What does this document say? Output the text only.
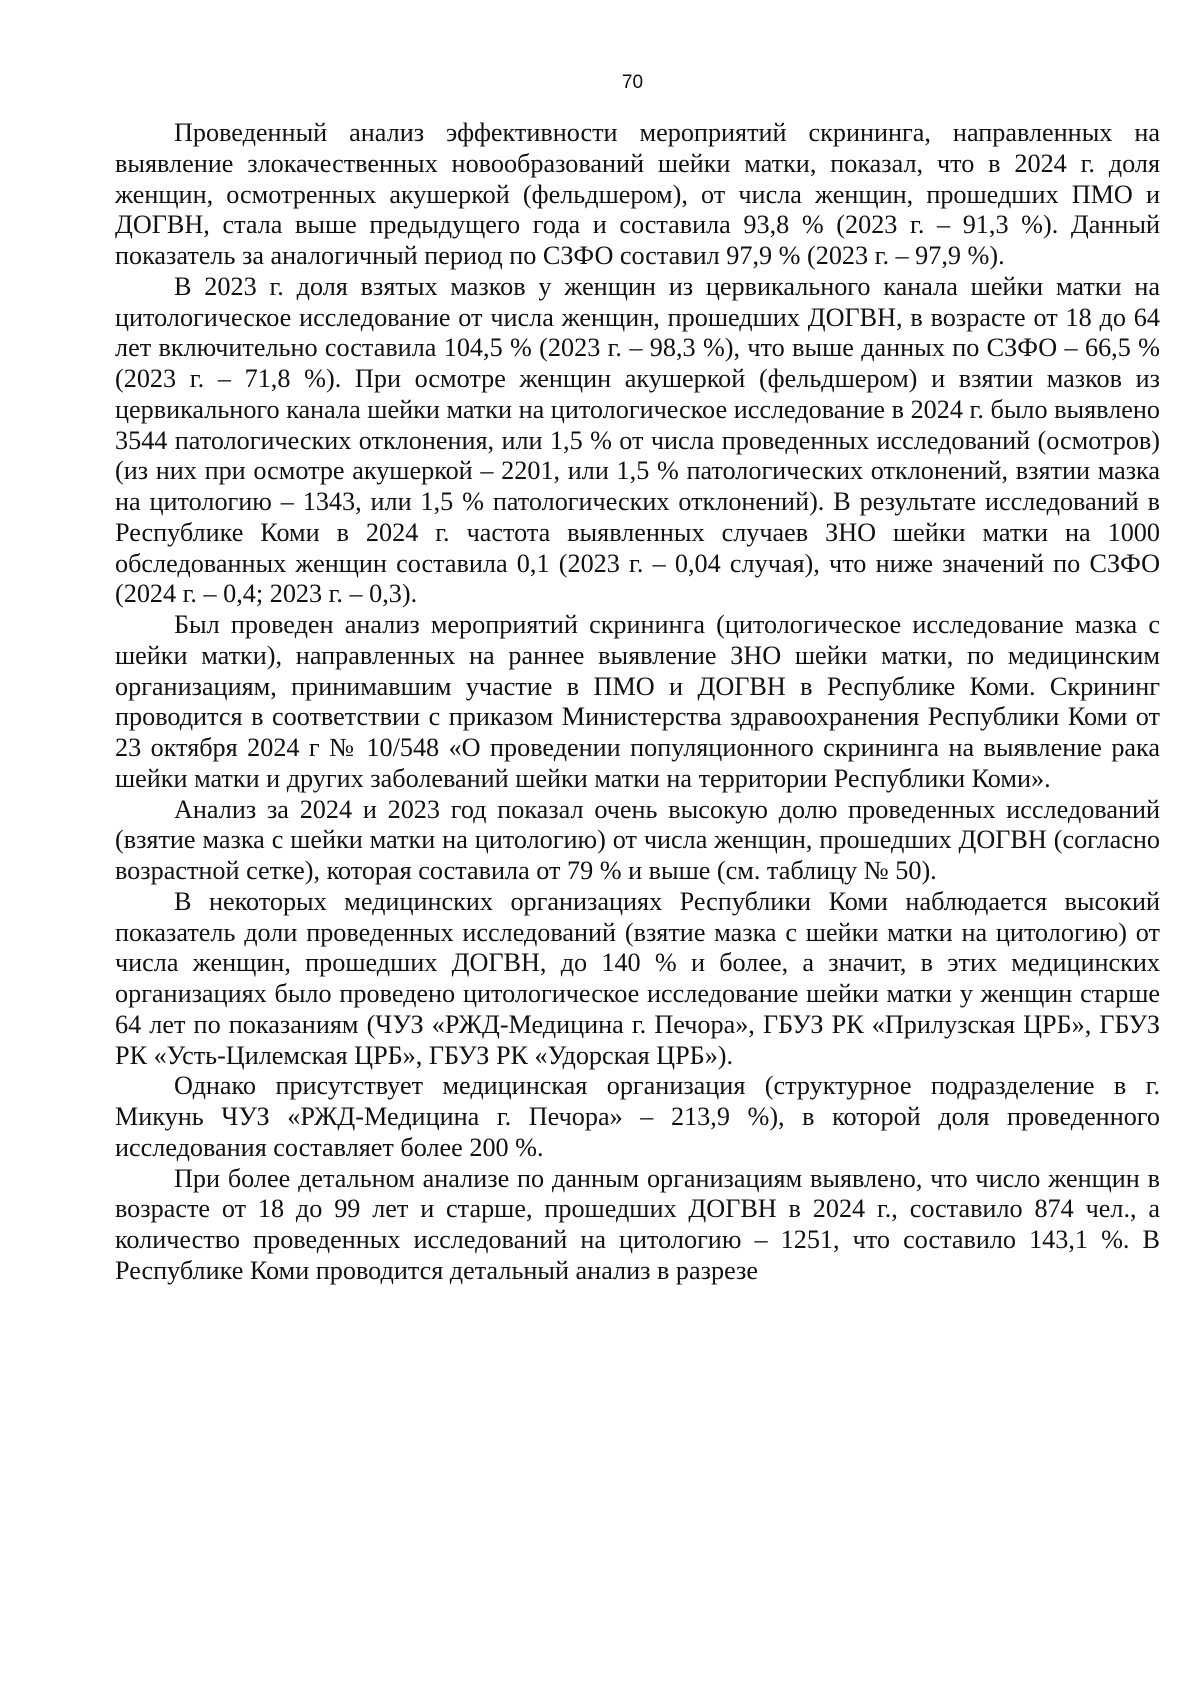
70

Проведенный анализ эффективности мероприятий скрининга, направленных на выявление злокачественных новообразований шейки матки, показал, что в 2024 г. доля женщин, осмотренных акушеркой (фельдшером), от числа женщин, прошедших ПМО и ДОГВН, стала выше предыдущего года и составила 93,8 % (2023 г. – 91,3 %). Данный показатель за аналогичный период по СЗФО составил 97,9 % (2023 г. – 97,9 %).

В 2023 г. доля взятых мазков у женщин из цервикального канала шейки матки на цитологическое исследование от числа женщин, прошедших ДОГВН, в возрасте от 18 до 64 лет включительно составила 104,5 % (2023 г. – 98,3 %), что выше данных по СЗФО – 66,5 % (2023 г. – 71,8 %). При осмотре женщин акушеркой (фельдшером) и взятии мазков из цервикального канала шейки матки на цитологическое исследование в 2024 г. было выявлено 3544 патологических отклонения, или 1,5 % от числа проведенных исследований (осмотров) (из них при осмотре акушеркой – 2201, или 1,5 % патологических отклонений, взятии мазка на цитологию – 1343, или 1,5 % патологических отклонений). В результате исследований в Республике Коми в 2024 г. частота выявленных случаев ЗНО шейки матки на 1000 обследованных женщин составила 0,1 (2023 г. – 0,04 случая), что ниже значений по СЗФО (2024 г. – 0,4; 2023 г. – 0,3).

Был проведен анализ мероприятий скрининга (цитологическое исследование мазка с шейки матки), направленных на раннее выявление ЗНО шейки матки, по медицинским организациям, принимавшим участие в ПМО и ДОГВН в Республике Коми. Скрининг проводится в соответствии с приказом Министерства здравоохранения Республики Коми от 23 октября 2024 г № 10/548 «О проведении популяционного скрининга на выявление рака шейки матки и других заболеваний шейки матки на территории Республики Коми».

Анализ за 2024 и 2023 год показал очень высокую долю проведенных исследований (взятие мазка с шейки матки на цитологию) от числа женщин, прошедших ДОГВН (согласно возрастной сетке), которая составила от 79 % и выше (см. таблицу № 50).

В некоторых медицинских организациях Республики Коми наблюдается высокий показатель доли проведенных исследований (взятие мазка с шейки матки на цитологию) от числа женщин, прошедших ДОГВН, до 140 % и более, а значит, в этих медицинских организациях было проведено цитологическое исследование шейки матки у женщин старше 64 лет по показаниям (ЧУЗ «РЖД-Медицина г. Печора», ГБУЗ РК «Прилузская ЦРБ», ГБУЗ РК «Усть-Цилемская ЦРБ», ГБУЗ РК «Удорская ЦРБ»).

Однако присутствует медицинская организация (структурное подразделение в г. Микунь ЧУЗ «РЖД-Медицина г. Печора» – 213,9 %), в которой доля проведенного исследования составляет более 200 %.

При более детальном анализе по данным организациям выявлено, что число женщин в возрасте от 18 до 99 лет и старше, прошедших ДОГВН в 2024 г., составило 874 чел., а количество проведенных исследований на цитологию – 1251, что составило 143,1 %. В Республике Коми проводится детальный анализ в разрезе
